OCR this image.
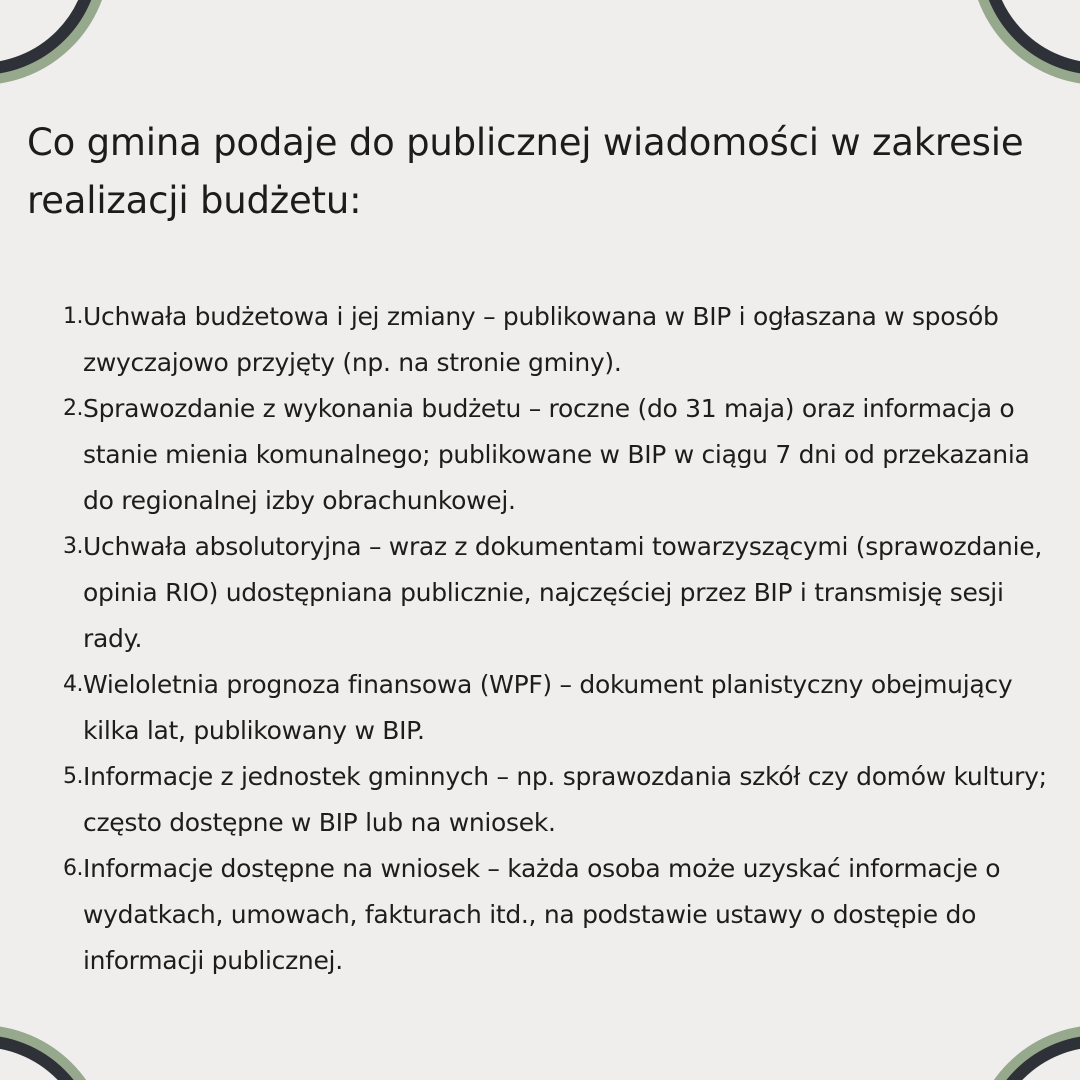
Co gmina podaje do publicznej wiadomości w zakresie realizacji budżetu:
1. Uchwała budżetowa i jej zmiany – publikowana w BIP i ogłaszana w sposób zwyczajowo przyjęty (np. na stronie gminy).
2. Sprawozdanie z wykonania budżetu – roczne (do 31 maja) oraz informacja o stanie mienia komunalnego; publikowane w BIP w ciągu 7 dni od przekazania do regionalnej izby obrachunkowej.
3. Uchwała absolutoryjna – wraz z dokumentami towarzyszącymi (sprawozdanie, opinia RIO) udostępniana publicznie, najczęściej przez BIP i transmisję sesji rady.
4. Wieloletnia prognoza finansowa (WPF) – dokument planistyczny obejmujący kilka lat, publikowany w BIP.
5. Informacje z jednostek gminnych – np. sprawozdania szkół czy domów kultury; często dostępne w BIP lub na wniosek.
6. Informacje dostępne na wniosek – każda osoba może uzyskać informacje o wydatkach, umowach, fakturach itd., na podstawie ustawy o dostępie do informacji publicznej.
